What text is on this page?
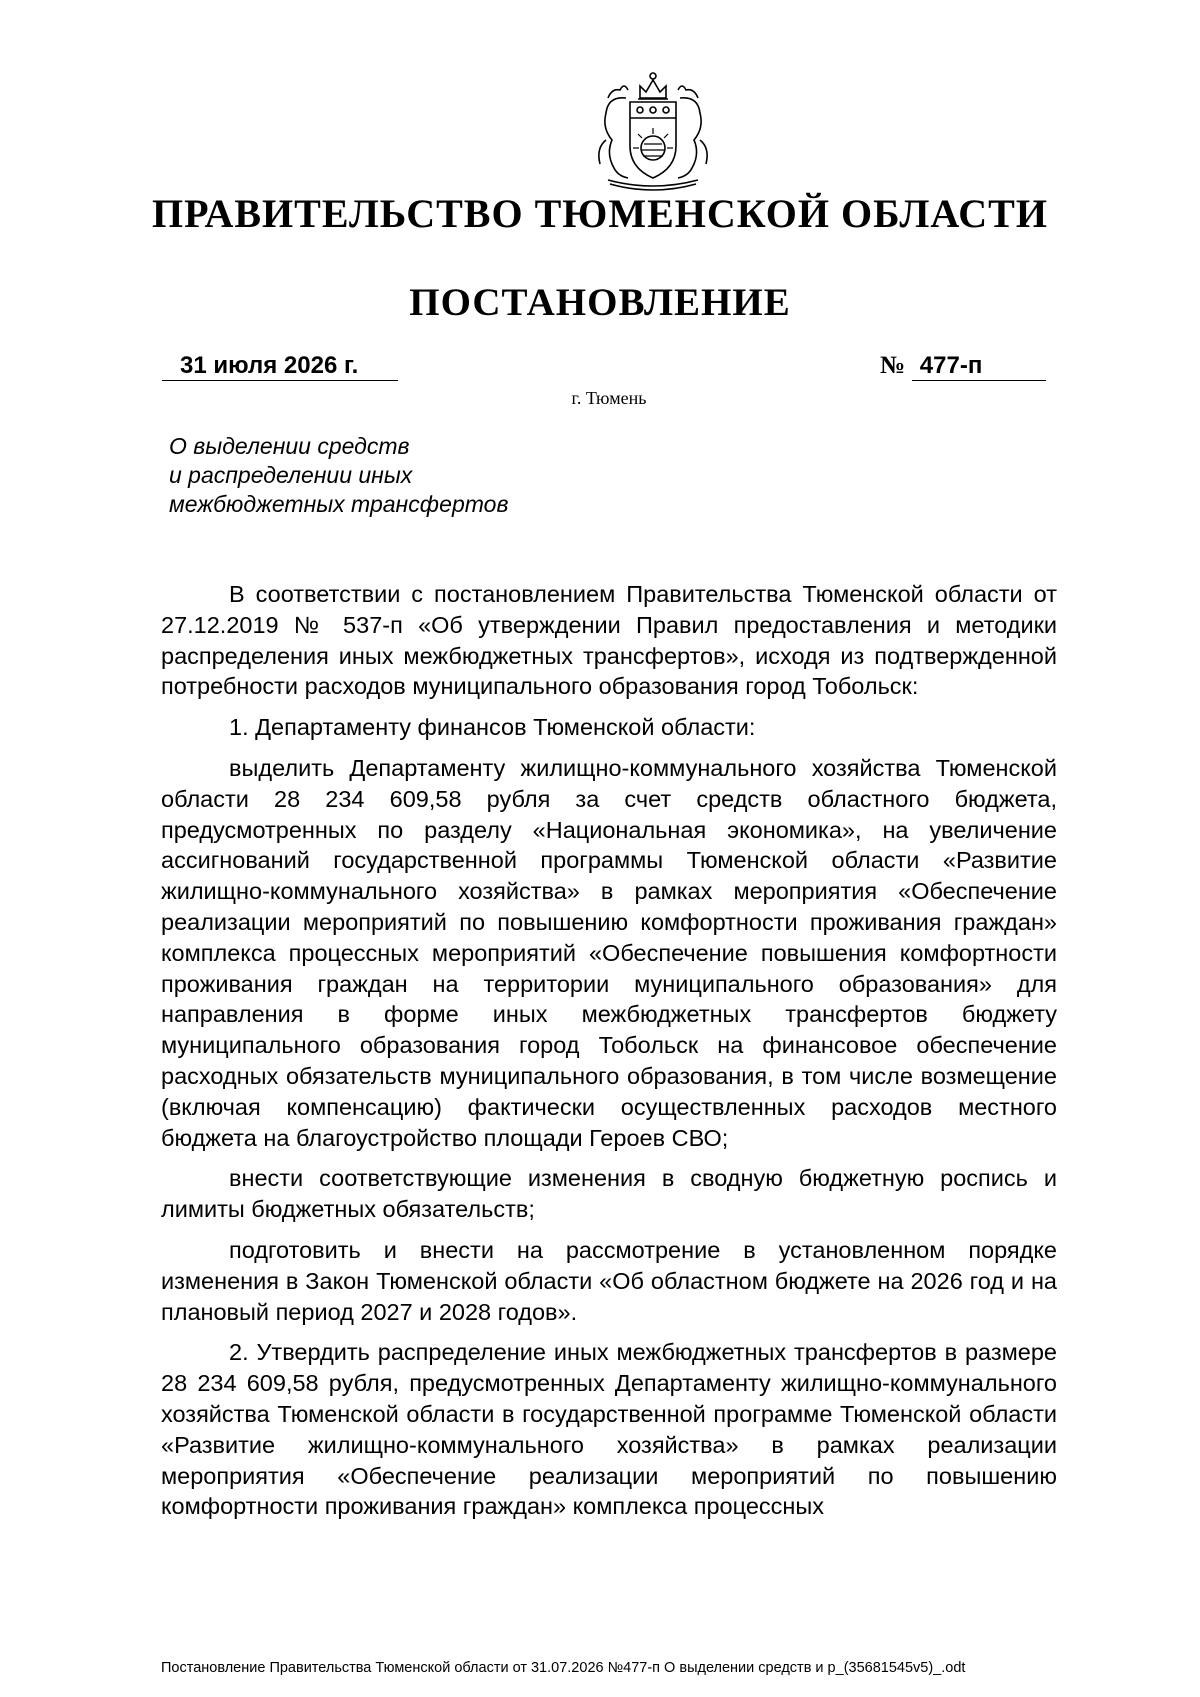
ПРАВИТЕЛЬСТВО ТЮМЕНСКОЙ ОБЛАСТИ
ПОСТАНОВЛЕНИЕ
31 июля 2026 г.	№ 477-п
г. Тюмень
О выделении средств
и распределении иных
межбюджетных трансфертов

В соответствии с постановлением Правительства Тюменской области от 27.12.2019 № 537-п «Об утверждении Правил предоставления и методики распределения иных межбюджетных трансфертов», исходя из подтвержденной потребности расходов муниципального образования город Тобольск:

1. Департаменту финансов Тюменской области:

выделить Департаменту жилищно-коммунального хозяйства Тюменской области 28 234 609,58 рубля за счет средств областного бюджета, предусмотренных по разделу «Национальная экономика», на увеличение ассигнований государственной программы Тюменской области «Развитие жилищно-коммунального хозяйства» в рамках мероприятия «Обеспечение реализации мероприятий по повышению комфортности проживания граждан» комплекса процессных мероприятий «Обеспечение повышения комфортности проживания граждан на территории муниципального образования» для направления в форме иных межбюджетных трансфертов бюджету муниципального образования город Тобольск на финансовое обеспечение расходных обязательств муниципального образования, в том числе возмещение (включая компенсацию) фактически осуществленных расходов местного бюджета на благоустройство площади Героев СВО;

внести соответствующие изменения в сводную бюджетную роспись и лимиты бюджетных обязательств;

подготовить и внести на рассмотрение в установленном порядке изменения в Закон Тюменской области «Об областном бюджете на 2026 год и на плановый период 2027 и 2028 годов».

2. Утвердить распределение иных межбюджетных трансфертов в размере 28 234 609,58 рубля, предусмотренных Департаменту жилищно-коммунального хозяйства Тюменской области в государственной программе Тюменской области «Развитие жилищно-коммунального хозяйства» в рамках реализации мероприятия «Обеспечение реализации мероприятий по повышению комфортности проживания граждан» комплекса процессных

Постановление Правительства Тюменской области от 31.07.2026 №477-п О выделении средств и р_(35681545v5)_.odt
